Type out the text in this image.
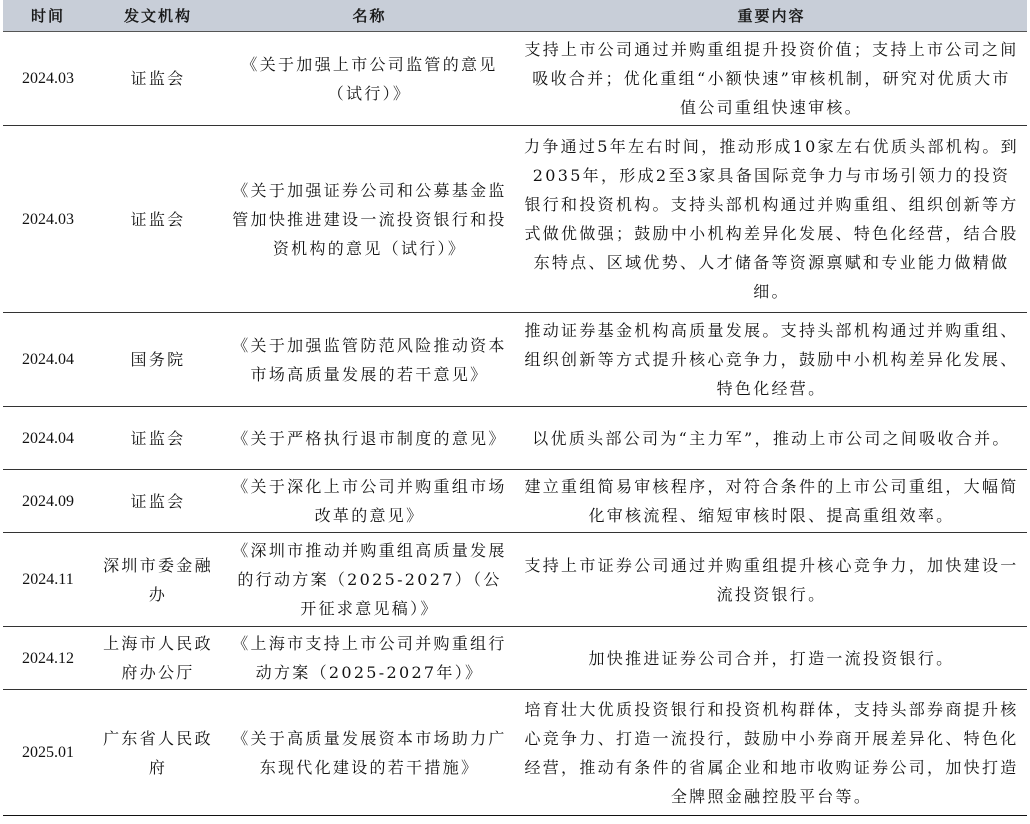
时间	发文机构	名称	重要内容
2024.03	证监会	《关于加强上市公司监管的意见（试行）》	支持上市公司通过并购重组提升投资价值；支持上市公司之间吸收合并；优化重组“小额快速”审核机制，研究对优质大市值公司重组快速审核。
2024.03	证监会	《关于加强证券公司和公募基金监管加快推进建设一流投资银行和投资机构的意见（试行）》	力争通过5年左右时间，推动形成10家左右优质头部机构。到2035年，形成2至3家具备国际竞争力与市场引领力的投资银行和投资机构。支持头部机构通过并购重组、组织创新等方式做优做强；鼓励中小机构差异化发展、特色化经营，结合股东特点、区域优势、人才储备等资源禀赋和专业能力做精做细。
2024.04	国务院	《关于加强监管防范风险推动资本市场高质量发展的若干意见》	推动证券基金机构高质量发展。支持头部机构通过并购重组、组织创新等方式提升核心竞争力，鼓励中小机构差异化发展、特色化经营。
2024.04	证监会	《关于严格执行退市制度的意见》	以优质头部公司为“主力军”，推动上市公司之间吸收合并。
2024.09	证监会	《关于深化上市公司并购重组市场改革的意见》	建立重组简易审核程序，对符合条件的上市公司重组，大幅简化审核流程、缩短审核时限、提高重组效率。
2024.11	深圳市委金融办	《深圳市推动并购重组高质量发展的行动方案（2025-2027）（公开征求意见稿）》	支持上市证券公司通过并购重组提升核心竞争力，加快建设一流投资银行。
2024.12	上海市人民政府办公厅	《上海市支持上市公司并购重组行动方案（2025-2027年）》	加快推进证券公司合并，打造一流投资银行。
2025.01	广东省人民政府	《关于高质量发展资本市场助力广东现代化建设的若干措施》	培育壮大优质投资银行和投资机构群体，支持头部券商提升核心竞争力、打造一流投行，鼓励中小券商开展差异化、特色化经营，推动有条件的省属企业和地市收购证券公司，加快打造全牌照金融控股平台等。
